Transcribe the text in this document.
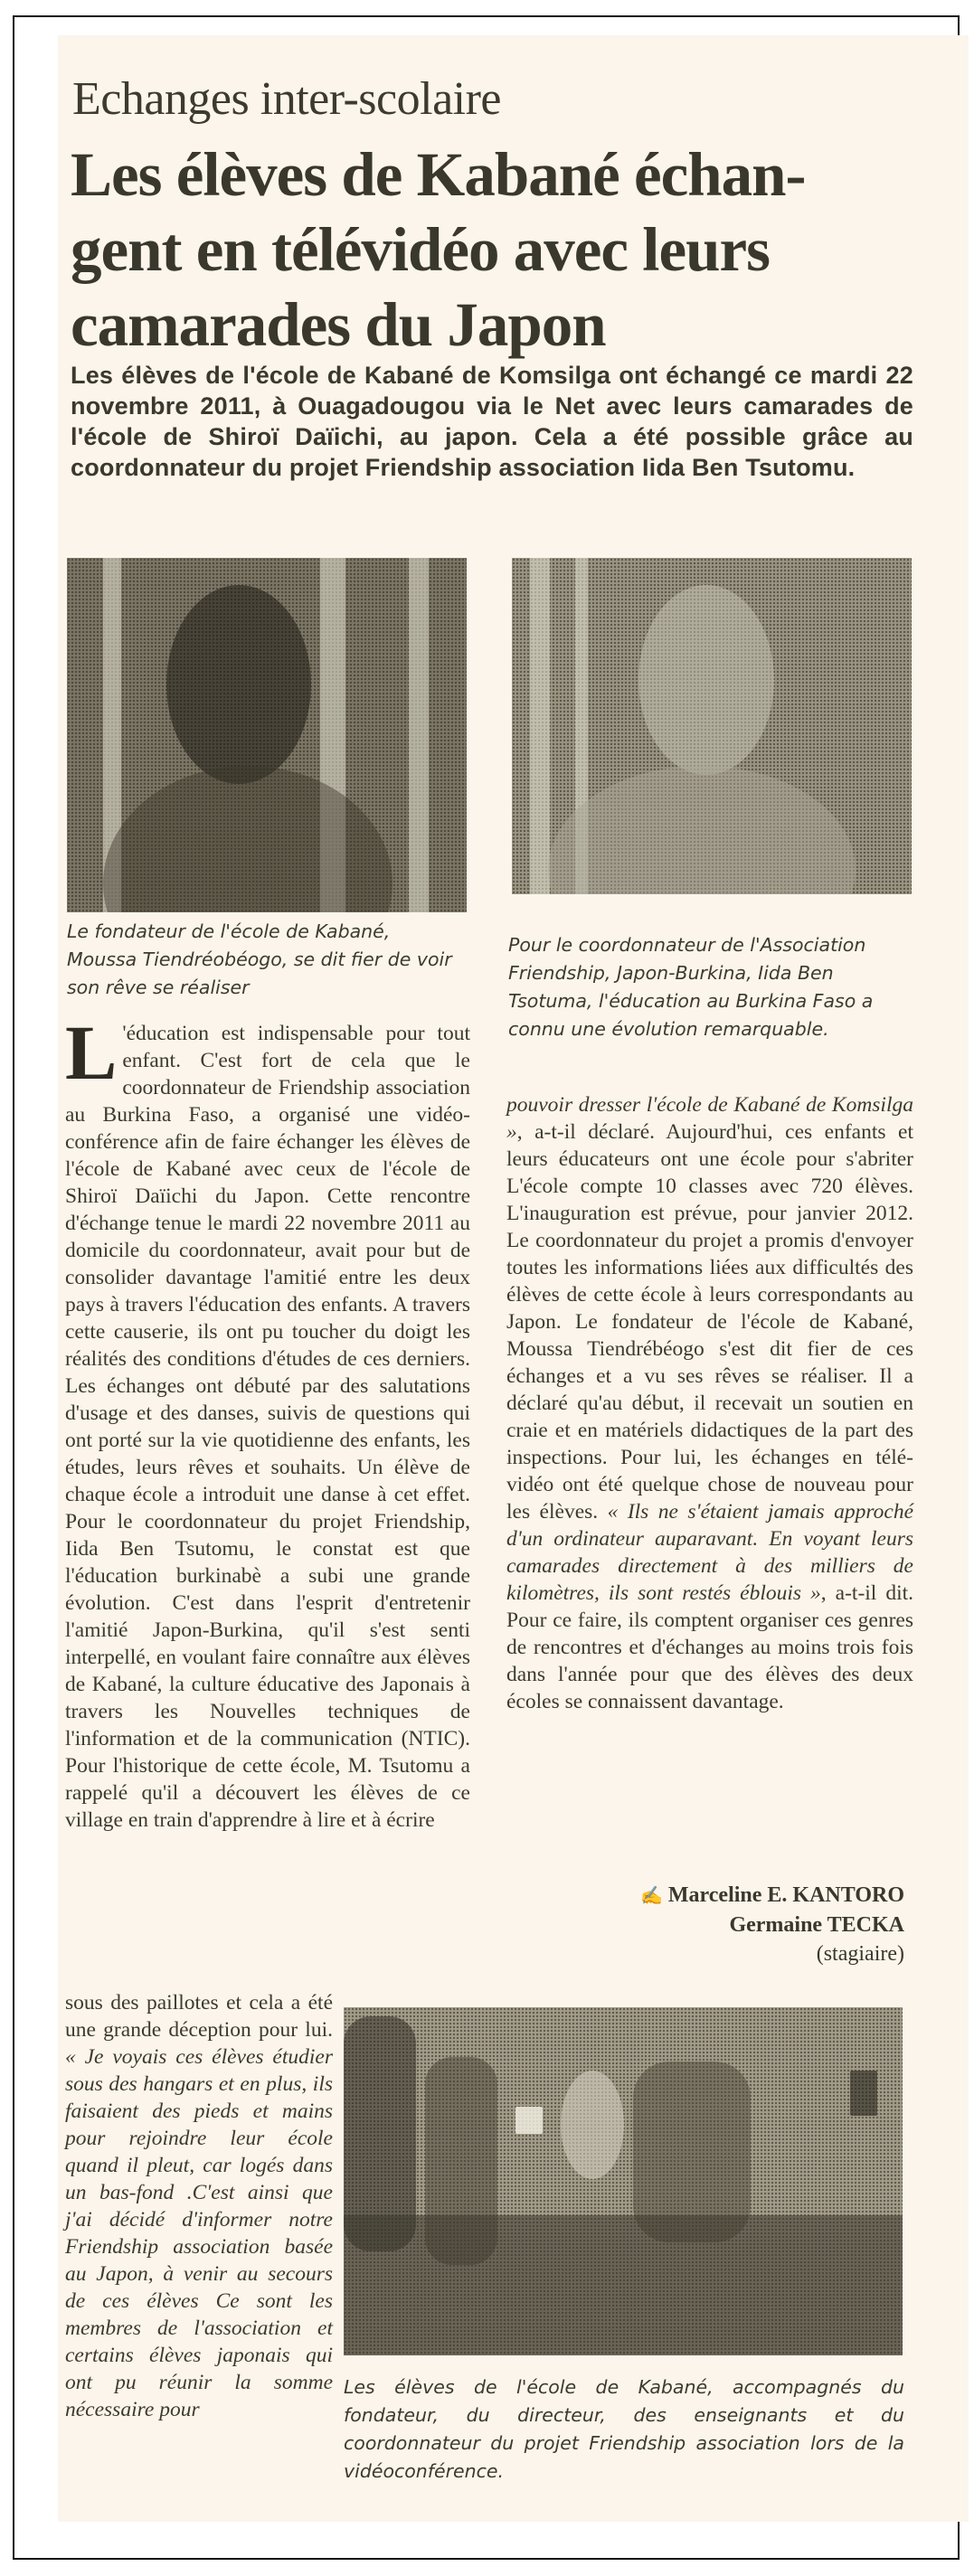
Echanges inter-scolaire
Les élèves de Kabané échan-
gent en télévidéo avec leurs
camarades du Japon
Les élèves de l'école de Kabané de Komsilga ont échangé ce mardi 22 novembre 2011, à Ouagadougou via le Net avec leurs camarades de l'école de Shiroï Daïichi, au japon. Cela a été possible grâce au coordonnateur du projet Friendship association Iida Ben Tsutomu.
Le fondateur de l'école de Kabané, Moussa Tiendréobéogo, se dit fier de voir son rêve se réaliser
Pour le coordonnateur de l'Association Friendship, Japon-Burkina, Iida Ben Tsotuma, l'éducation au Burkina Faso a connu une évolution remarquable.

L 'éducation est indispensable pour tout enfant. C'est fort de cela que le coordonnateur de Friendship association au Burkina Faso, a organisé une vidéo-conférence afin de faire échanger les élèves de l'école de Kabané avec ceux de l'école de Shiroï Daïichi du Japon. Cette rencontre d'échange tenue le mardi 22 novembre 2011 au domicile du coordonnateur, avait pour but de consolider davantage l'amitié entre les deux pays à travers l'éducation des enfants. A travers cette causerie, ils ont pu toucher du doigt les réalités des conditions d'études de ces derniers. Les échanges ont débuté par des salutations d'usage et des danses, suivis de questions qui ont porté sur la vie quotidienne des enfants, les études, leurs rêves et souhaits. Un élève de chaque école a introduit une danse à cet effet. Pour le coordonnateur du projet Friendship, Iida Ben Tsutomu, le constat est que l'éducation burkinabè a subi une grande évolution. C'est dans l'esprit d'entretenir l'amitié Japon-Burkina, qu'il s'est senti interpellé, en voulant faire connaître aux élèves de Kabané, la culture éducative des Japonais à travers les Nouvelles techniques de l'information et de la communication (NTIC). Pour l'historique de cette école, M. Tsutomu a rappelé qu'il a découvert les élèves de ce village en train d'apprendre à lire et à écrire

sous des paillotes et cela a été une grande déception pour lui. « Je voyais ces élèves étudier sous des hangars et en plus, ils faisaient des pieds et mains pour rejoindre leur école quand il pleut, car logés dans un bas-fond .C'est ainsi que j'ai décidé d'informer notre Friendship association basée au Japon, à venir au secours de ces élèves Ce sont les membres de l'association et certains élèves japonais qui ont pu réunir la somme nécessaire pour

pouvoir dresser l'école de Kabané de Komsilga », a-t-il déclaré. Aujourd'hui, ces enfants et leurs éducateurs ont une école pour s'abriter L'école compte 10 classes avec 720 élèves. L'inauguration est prévue, pour janvier 2012. Le coordonnateur du projet a promis d'envoyer toutes les informations liées aux difficultés des élèves de cette école à leurs correspondants au Japon. Le fondateur de l'école de Kabané, Moussa Tiendrébéogo s'est dit fier de ces échanges et a vu ses rêves se réaliser. Il a déclaré qu'au début, il recevait un soutien en craie et en matériels didactiques de la part des inspections. Pour lui, les échanges en télé-vidéo ont été quelque chose de nouveau pour les élèves. « Ils ne s'étaient jamais approché d'un ordinateur auparavant. En voyant leurs camarades directement à des milliers de kilomètres, ils sont restés éblouis », a-t-il dit. Pour ce faire, ils comptent organiser ces genres de rencontres et d'échanges au moins trois fois dans l'année pour que des élèves des deux écoles se connaissent davantage.

✍ Marceline E. KANTORO
Germaine TECKA
(stagiaire)
Les élèves de l'école de Kabané, accompagnés du fondateur, du directeur, des enseignants et du coordonnateur du projet Friendship association lors de la vidéoconférence.
